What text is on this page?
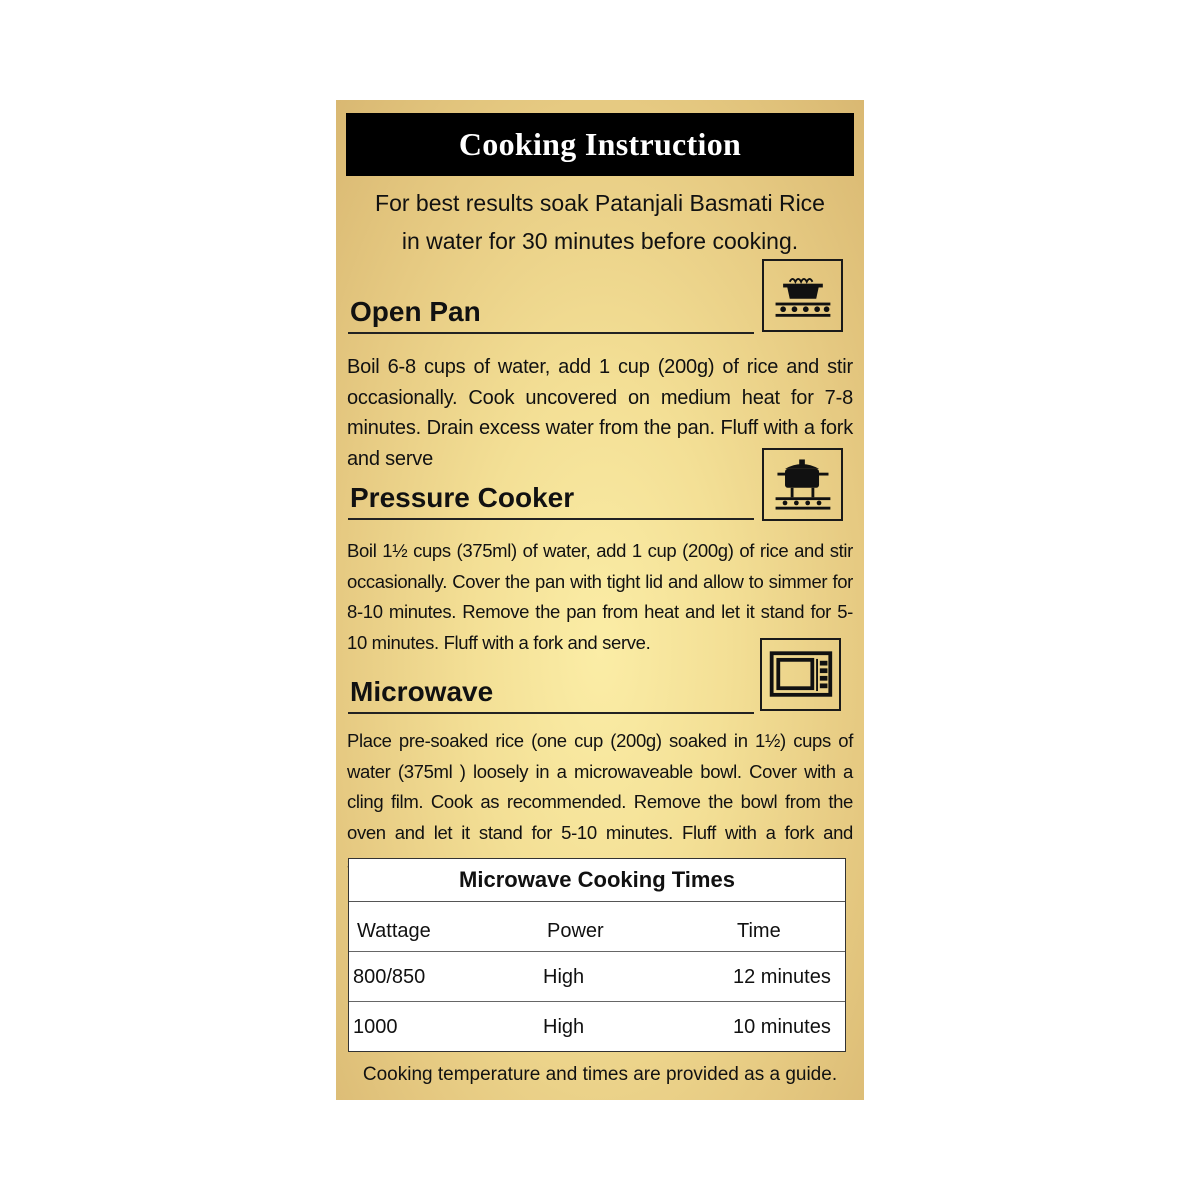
Cooking Instruction
For best results soak Patanjali Basmati Rice
in water for 30 minutes before cooking.
Open Pan
Boil 6-8 cups of water, add 1 cup (200g) of rice and stir occasionally. Cook uncovered on medium heat for 7-8 minutes. Drain excess water from the pan. Fluff with a fork and serve
Pressure Cooker
Boil 1½ cups (375ml) of water, add 1 cup (200g) of rice and stir occasionally. Cover the pan with tight lid and allow to simmer for 8-10 minutes. Remove the pan from heat and let it stand for 5-10 minutes. Fluff with a fork and serve.
Microwave
Place pre-soaked rice (one cup (200g) soaked in 1½) cups of water (375ml ) loosely in a microwaveable bowl. Cover with a cling film. Cook as recommended. Remove the bowl from the oven and let it stand for 5-10 minutes. Fluff with a fork and
Microwave Cooking Times
Wattage	Power	Time
800/850	High	12 minutes
1000	High	10 minutes
Cooking temperature and times are provided as a guide.
